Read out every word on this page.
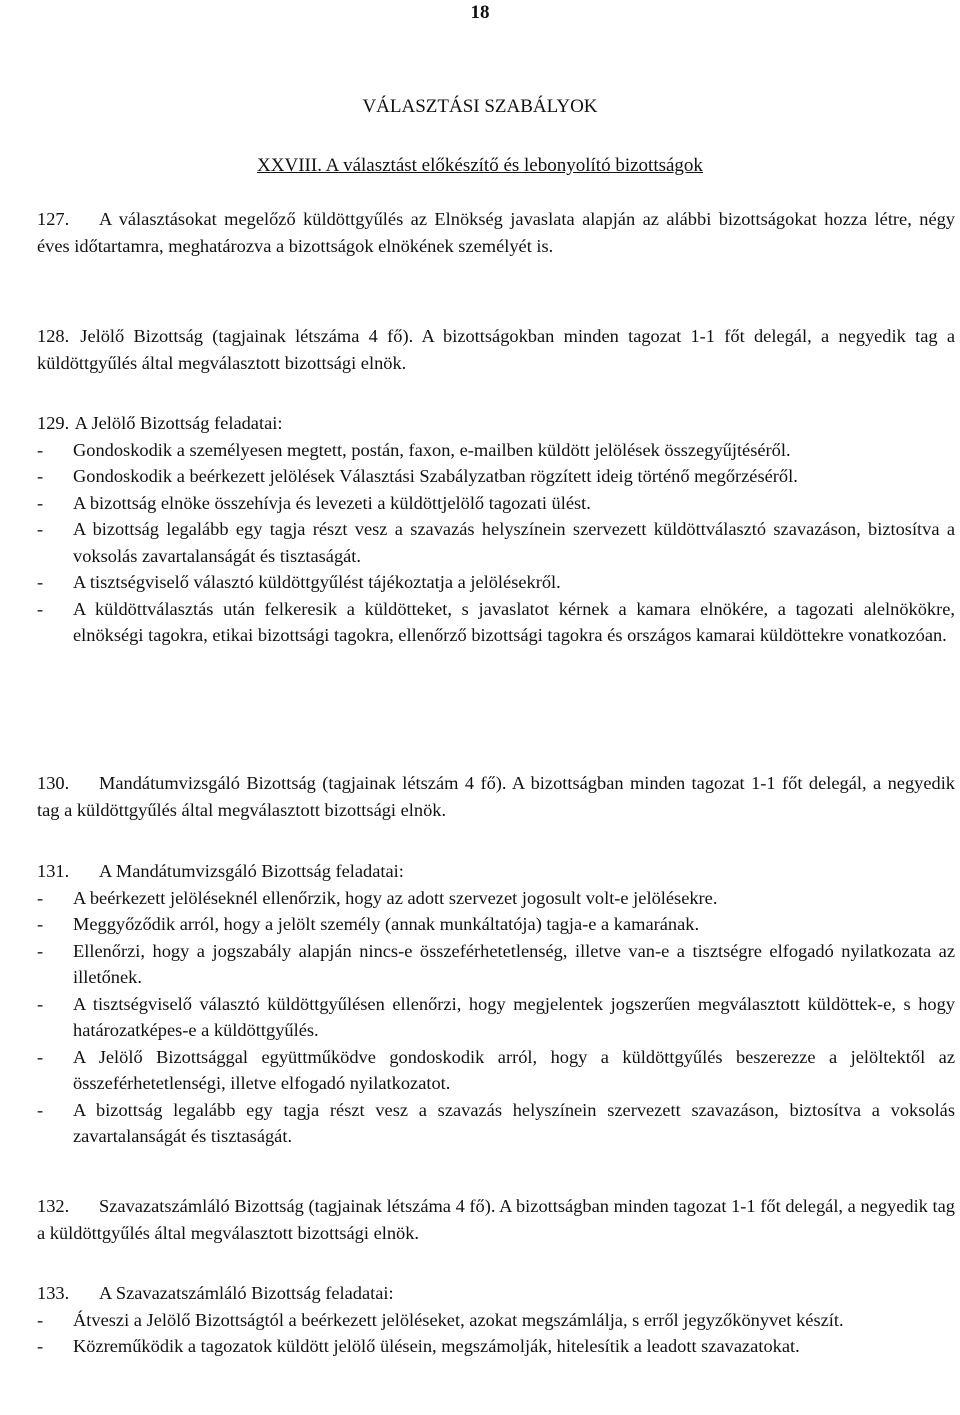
18
VÁLASZTÁSI SZABÁLYOK
XXVIII. A választást előkészítő és lebonyolító bizottságok

127. A választásokat megelőző küldöttgyűlés az Elnökség javaslata alapján az alábbi bizottságokat hozza létre, négy éves időtartamra, meghatározva a bizottságok elnökének személyét is.

128. Jelölő Bizottság (tagjainak létszáma 4 fő). A bizottságokban minden tagozat 1-1 főt delegál, a negyedik tag a küldöttgyűlés által megválasztott bizottsági elnök.

129. A Jelölő Bizottság feladatai:

-	Gondoskodik a személyesen megtett, postán, faxon, e-mailben küldött jelölések összegyűjtéséről.
-	Gondoskodik a beérkezett jelölések Választási Szabályzatban rögzített ideig történő megőrzéséről.
-	A bizottság elnöke összehívja és levezeti a küldöttjelölő tagozati ülést.
-	A bizottság legalább egy tagja részt vesz a szavazás helyszínein szervezett küldöttválasztó szavazáson, biztosítva a voksolás zavartalanságát és tisztaságát.
-	A tisztségviselő választó küldöttgyűlést tájékoztatja a jelölésekről.
-	A küldöttválasztás után felkeresik a küldötteket, s javaslatot kérnek a kamara elnökére, a tagozati alelnökökre, elnökségi tagokra, etikai bizottsági tagokra, ellenőrző bizottsági tagokra és országos kamarai küldöttekre vonatkozóan.

130. Mandátumvizsgáló Bizottság (tagjainak létszám 4 fő). A bizottságban minden tagozat 1-1 főt delegál, a negyedik tag a küldöttgyűlés által megválasztott bizottsági elnök.

131. A Mandátumvizsgáló Bizottság feladatai:

-	A beérkezett jelöléseknél ellenőrzik, hogy az adott szervezet jogosult volt-e jelölésekre.
-	Meggyőződik arról, hogy a jelölt személy (annak munkáltatója) tagja-e a kamarának.
-	Ellenőrzi, hogy a jogszabály alapján nincs-e összeférhetetlenség, illetve van-e a tisztségre elfogadó nyilatkozata az illetőnek.
-	A tisztségviselő választó küldöttgyűlésen ellenőrzi, hogy megjelentek jogszerűen megválasztott küldöttek-e, s hogy határozatképes-e a küldöttgyűlés.
-	A Jelölő Bizottsággal együttműködve gondoskodik arról, hogy a küldöttgyűlés beszerezze a jelöltektől az összeférhetetlenségi, illetve elfogadó nyilatkozatot.
-	A bizottság legalább egy tagja részt vesz a szavazás helyszínein szervezett szavazáson, biztosítva a voksolás zavartalanságát és tisztaságát.

132. Szavazatszámláló Bizottság (tagjainak létszáma 4 fő). A bizottságban minden tagozat 1-1 főt delegál, a negyedik tag a küldöttgyűlés által megválasztott bizottsági elnök.

133. A Szavazatszámláló Bizottság feladatai:

-	Átveszi a Jelölő Bizottságtól a beérkezett jelöléseket, azokat megszámlálja, s erről jegyzőkönyvet készít.
-	Közreműködik a tagozatok küldött jelölő ülésein, megszámolják, hitelesítik a leadott szavazatokat.
